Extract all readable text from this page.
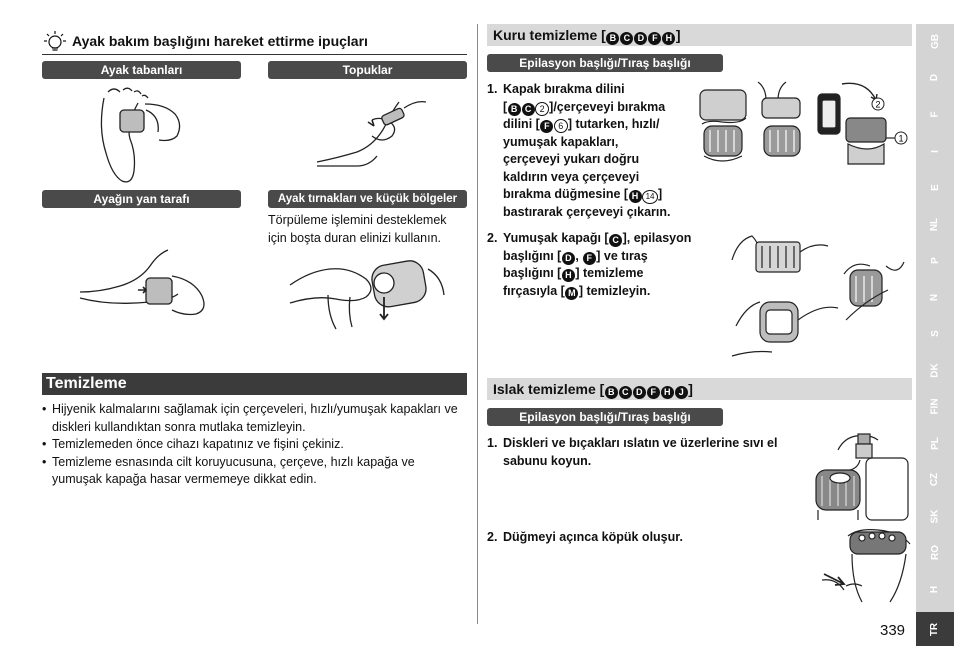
Ayak bakım başlığını hareket ettirme ipuçları
Ayak tabanları	Topuklar
Ayağın yan tarafı	Ayak tırnakları ve küçük bölgeler
Törpüleme işlemini desteklemek için boşta duran elinizi kullanın.
Temizleme
• Hijyenik kalmalarını sağlamak için çerçeveleri, hızlı/yumuşak kapakları ve diskleri kullandıktan sonra mutlaka temizleyin.
• Temizlemeden önce cihazı kapatınız ve fişini çekiniz.
• Temizleme esnasında cilt koruyucusuna, çerçeve, hızlı kapağa ve yumuşak kapağa hasar vermemeye dikkat edin.
Kuru temizleme [ B C D F H ]
Epilasyon başlığı/Tıraş başlığı
1. Kapak bırakma dilini
[ B C 2 ]/çerçeveyi bırakma
dilini [ F 6 ] tutarken, hızlı/
yumuşak kapakları,
çerçeveyi yukarı doğru
kaldırın veya çerçeveyi
bırakma düğmesine [ H 14 ]
bastırarak çerçeveyi çıkarın.
2
1
2. Yumuşak kapağı [ C ], epilasyon
başlığını [ D , F ] ve tıraş
başlığını [ H ] temizleme
fırçasıyla [ M ] temizleyin.
Islak temizleme [ B C D F H J ]
Epilasyon başlığı/Tıraş başlığı
1. Diskleri ve bıçakları ıslatın ve üzerlerine sıvı el
sabunu koyun.
2. Düğmeyi açınca köpük oluşur.
339
GB
D
F
I
E
NL
P
N
S
DK
FIN
PL
CZ
SK
RO
H
TR
